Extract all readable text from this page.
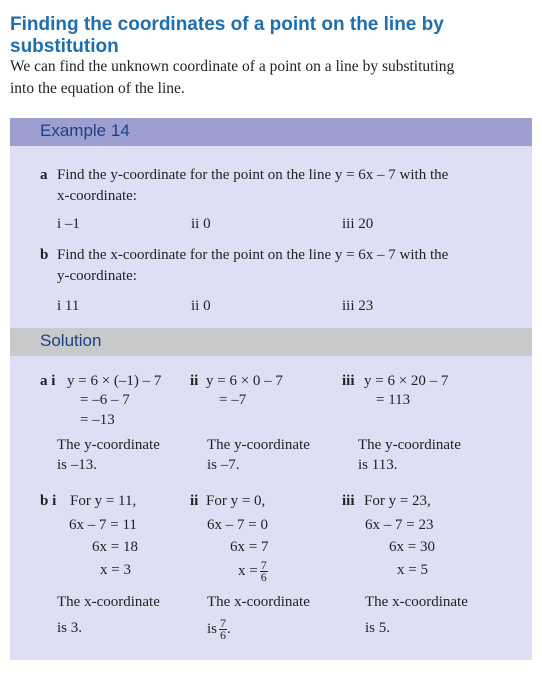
Finding the coordinates of a point on the line by substitution
We can find the unknown coordinate of a point on a line by substituting
into the equation of the line.
Example 14
a Find the y-coordinate for the point on the line y = 6x – 7 with the
x-coordinate:
i –1	ii 0	iii 20
b Find the x-coordinate for the point on the line y = 6x – 7 with the
y-coordinate:
i 11	ii 0	iii 23
Solution
a i y = 6 × (–1) – 7
= –6 – 7
= –13
The y-coordinate
is –13.
ii y = 6 × 0 – 7
= –7
The y-coordinate
is –7.
iii y = 6 × 20 – 7
= 113
The y-coordinate
is 113.
b i For y = 11,
6x – 7 = 11
6x = 18
x = 3
The x-coordinate
is 3.
ii For y = 0,
6x – 7 = 0
6x = 7
$x = \frac{7}{6}$
The x-coordinate
is $\frac{7}{6}$ .
iii For y = 23,
6x – 7 = 23
6x = 30
x = 5
The x-coordinate
is 5.
